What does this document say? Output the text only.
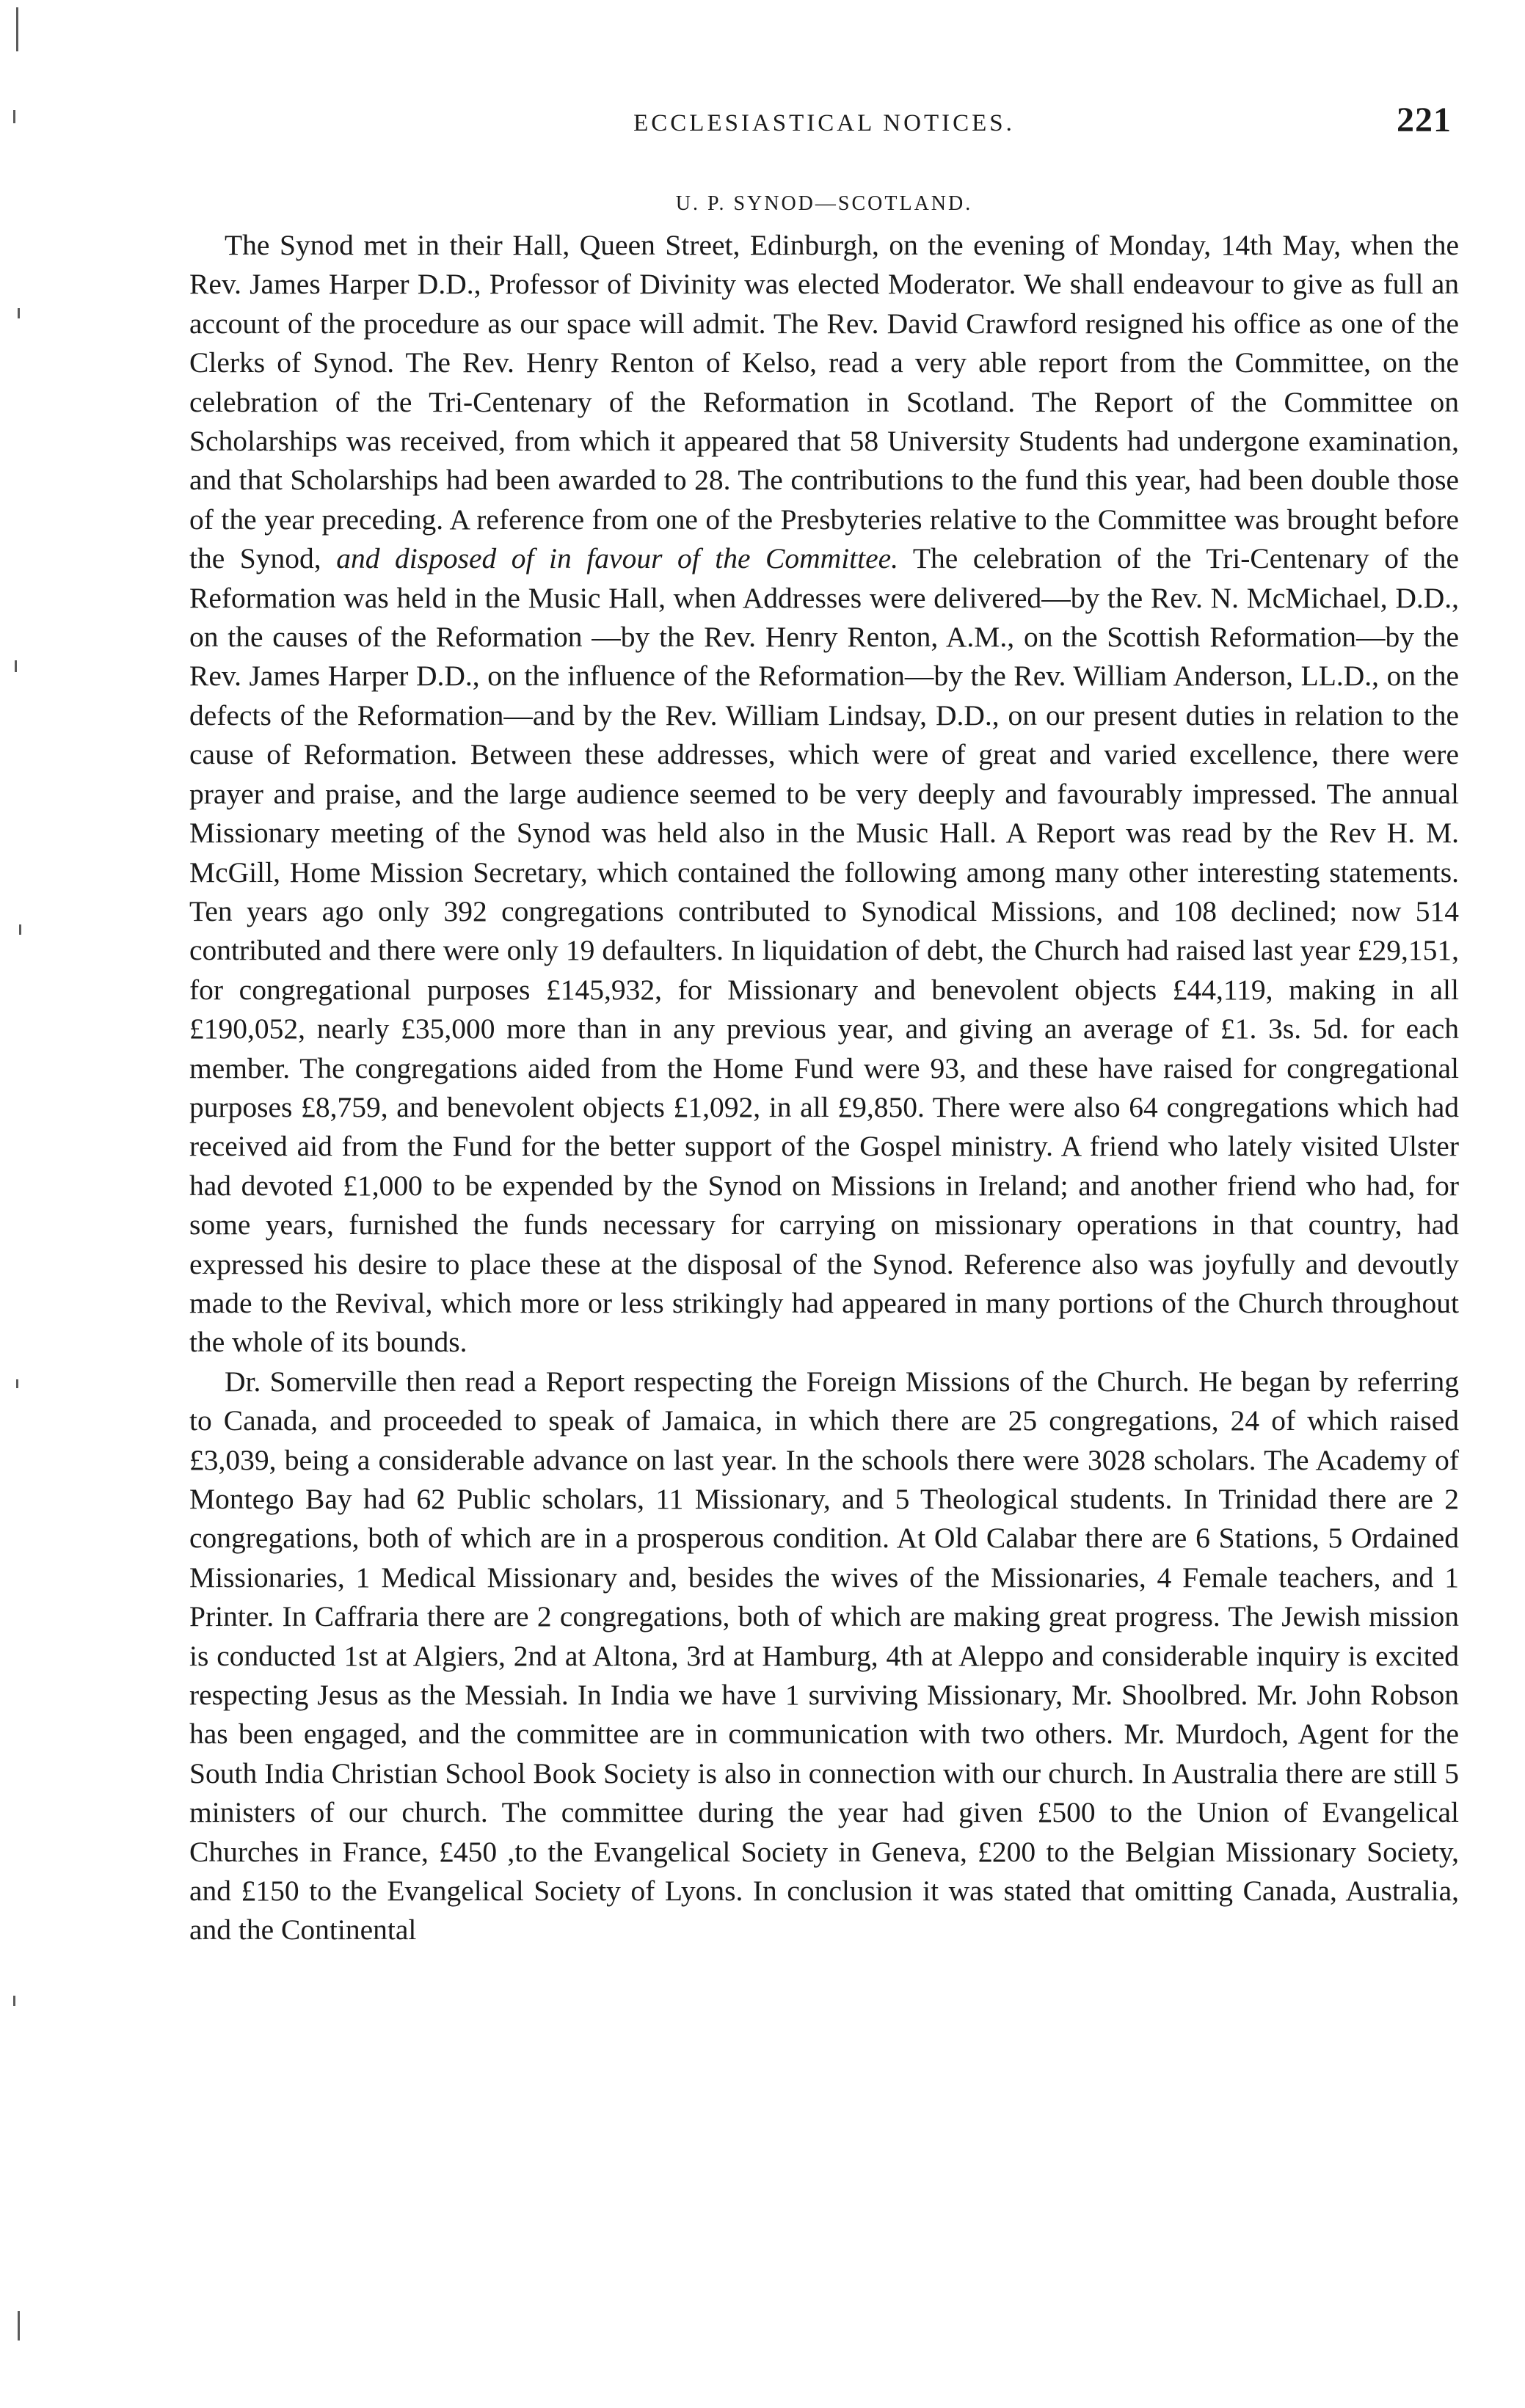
ECCLESIASTICAL NOTICES.	221
U. P. SYNOD—SCOTLAND.

The Synod met in their Hall, Queen Street, Edinburgh, on the evening of Monday, 14th May, when the Rev. James Harper D.D., Professor of Divinity was elected Moderator. We shall endeavour to give as full an account of the procedure as our space will admit. The Rev. David Crawford resigned his office as one of the Clerks of Synod. The Rev. Henry Renton of Kelso, read a very able report from the Committee, on the celebration of the Tri-Centenary of the Reformation in Scotland. The Report of the Committee on Scholarships was received, from which it appeared that 58 University Students had undergone examination, and that Scholarships had been awarded to 28. The contributions to the fund this year, had been double those of the year preceding. A reference from one of the Presbyteries relative to the Committee was brought before the Synod, and disposed of in favour of the Committee. The celebration of the Tri-Centenary of the Reformation was held in the Music Hall, when Addresses were delivered—by the Rev. N. McMichael, D.D., on the causes of the Reformation —by the Rev. Henry Renton, A.M., on the Scottish Reformation—by the Rev. James Harper D.D., on the influence of the Reformation—by the Rev. William Anderson, LL.D., on the defects of the Reformation—and by the Rev. William Lindsay, D.D., on our present duties in relation to the cause of Reformation. Between these addresses, which were of great and varied excellence, there were prayer and praise, and the large audience seemed to be very deeply and favourably impressed. The annual Missionary meeting of the Synod was held also in the Music Hall. A Report was read by the Rev H. M. McGill, Home Mission Secretary, which contained the following among many other interesting statements. Ten years ago only 392 congregations contributed to Synodical Missions, and 108 declined; now 514 contributed and there were only 19 defaulters. In liquidation of debt, the Church had raised last year £29,151, for congregational purposes £145,932, for Missionary and benevolent objects £44,119, making in all £190,052, nearly £35,000 more than in any previous year, and giving an average of £1. 3s. 5d. for each member. The congregations aided from the Home Fund were 93, and these have raised for congregational purposes £8,759, and benevolent objects £1,092, in all £9,850. There were also 64 congregations which had received aid from the Fund for the better support of the Gospel ministry. A friend who lately visited Ulster had devoted £1,000 to be expended by the Synod on Missions in Ireland; and another friend who had, for some years, furnished the funds necessary for carrying on missionary operations in that country, had expressed his desire to place these at the disposal of the Synod. Reference also was joyfully and devoutly made to the Revival, which more or less strikingly had appeared in many portions of the Church throughout the whole of its bounds.

Dr. Somerville then read a Report respecting the Foreign Missions of the Church. He began by referring to Canada, and proceeded to speak of Jamaica, in which there are 25 congregations, 24 of which raised £3,039, being a considerable advance on last year. In the schools there were 3028 scholars. The Academy of Montego Bay had 62 Public scholars, 11 Missionary, and 5 Theological students. In Trinidad there are 2 congregations, both of which are in a prosperous condition. At Old Calabar there are 6 Stations, 5 Ordained Missionaries, 1 Medical Missionary and, besides the wives of the Missionaries, 4 Female teachers, and 1 Printer. In Caffraria there are 2 congregations, both of which are making great progress. The Jewish mission is conducted 1st at Algiers, 2nd at Altona, 3rd at Hamburg, 4th at Aleppo and considerable inquiry is excited respecting Jesus as the Messiah. In India we have 1 surviving Missionary, Mr. Shoolbred. Mr. John Robson has been engaged, and the committee are in communication with two others. Mr. Murdoch, Agent for the South India Christian School Book Society is also in connection with our church. In Australia there are still 5 ministers of our church. The committee during the year had given £500 to the Union of Evangelical Churches in France, £450 ,to the Evangelical Society in Geneva, £200 to the Belgian Missionary Society, and £150 to the Evangelical Society of Lyons. In conclusion it was stated that omitting Canada, Australia, and the Continental
